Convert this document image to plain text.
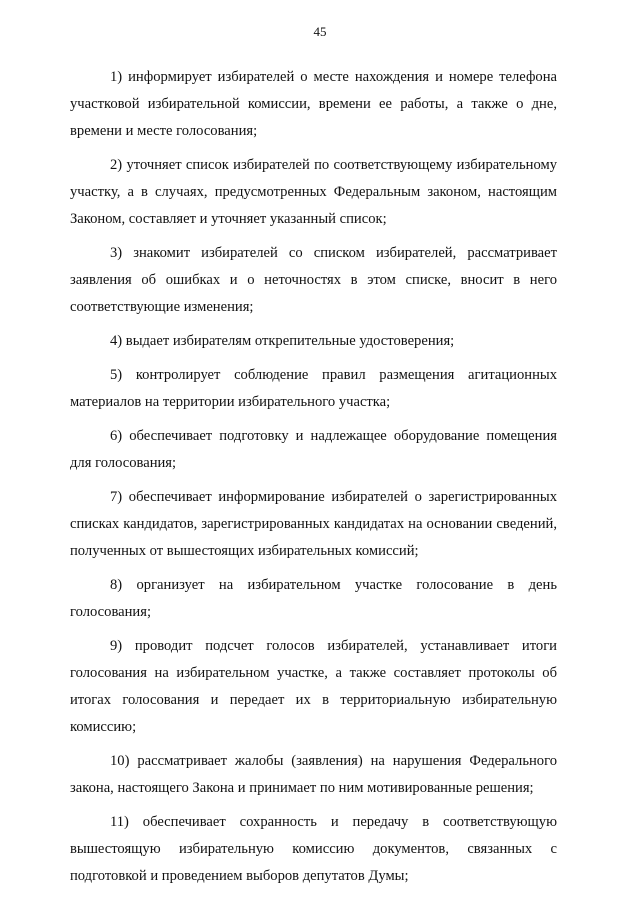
45

1) информирует избирателей о месте нахождения и номере телефона участковой избирательной комиссии, времени ее работы, а также о дне, времени и месте голосования;

2) уточняет список избирателей по соответствующему избирательному участку, а в случаях, предусмотренных Федеральным законом, настоящим Законом, составляет и уточняет указанный список;

3) знакомит избирателей со списком избирателей, рассматривает заявления об ошибках и о неточностях в этом списке, вносит в него соответствующие изменения;

4) выдает избирателям открепительные удостоверения;

5) контролирует соблюдение правил размещения агитационных материалов на территории избирательного участка;

6) обеспечивает подготовку и надлежащее оборудование помещения для голосования;

7) обеспечивает информирование избирателей о зарегистрированных списках кандидатов, зарегистрированных кандидатах на основании сведений, полученных от вышестоящих избирательных комиссий;

8) организует на избирательном участке голосование в день голосования;

9) проводит подсчет голосов избирателей, устанавливает итоги голосования на избирательном участке, а также составляет протоколы об итогах голосования и передает их в территориальную избирательную комиссию;

10) рассматривает жалобы (заявления) на нарушения Федерального закона, настоящего Закона и принимает по ним мотивированные решения;

11) обеспечивает сохранность и передачу в соответствующую вышестоящую избирательную комиссию документов, связанных с подготовкой и проведением выборов депутатов Думы;
